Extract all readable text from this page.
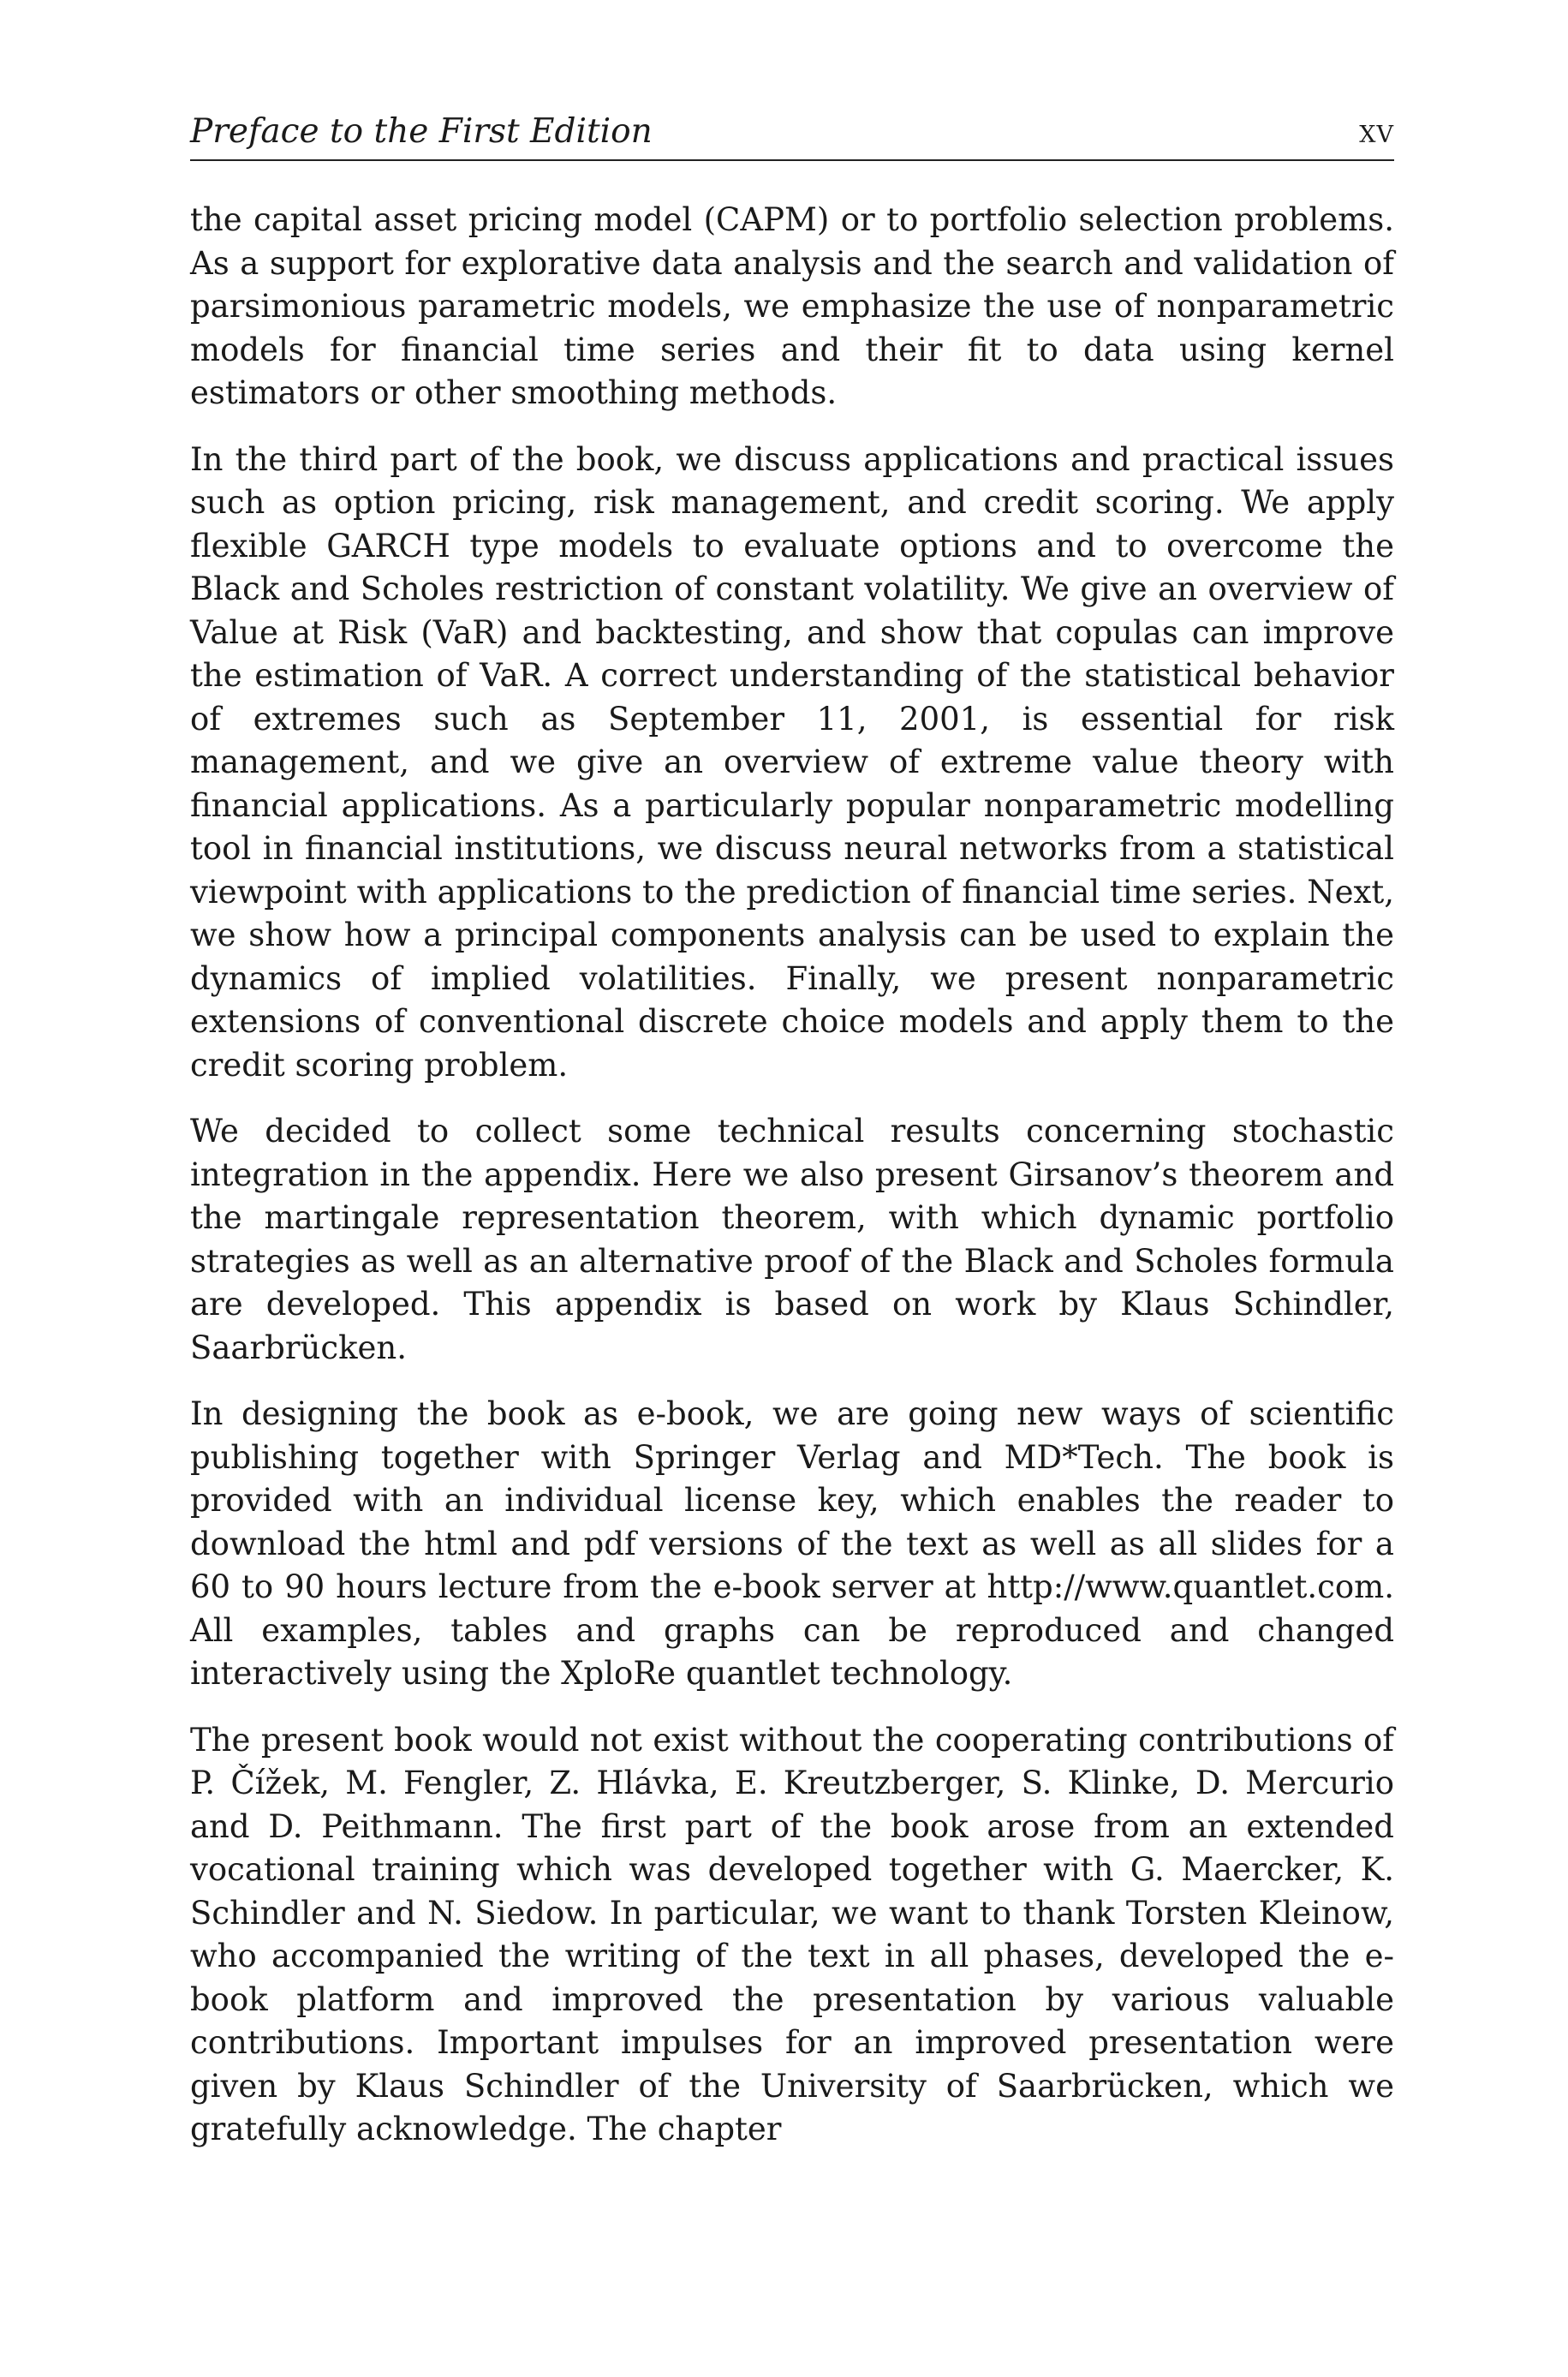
Preface to the First Edition	xv

the capital asset pricing model (CAPM) or to portfolio selection problems. As a support for explorative data analysis and the search and validation of parsimonious parametric models, we emphasize the use of nonparametric models for financial time series and their fit to data using kernel estimators or other smoothing methods.

In the third part of the book, we discuss applications and practical issues such as option pricing, risk management, and credit scoring. We apply flexible GARCH type models to evaluate options and to overcome the Black and Scholes restriction of constant volatility. We give an overview of Value at Risk (VaR) and backtesting, and show that copulas can improve the estimation of VaR. A correct understanding of the statistical behavior of extremes such as September 11, 2001, is essential for risk management, and we give an overview of extreme value theory with financial applications. As a particularly popular nonparametric modelling tool in financial institutions, we discuss neural networks from a statistical viewpoint with applications to the prediction of financial time series. Next, we show how a principal components analysis can be used to explain the dynamics of implied volatilities. Finally, we present nonparametric extensions of conventional discrete choice models and apply them to the credit scoring problem.

We decided to collect some technical results concerning stochastic integration in the appendix. Here we also present Girsanov’s theorem and the martingale representation theorem, with which dynamic portfolio strategies as well as an alternative proof of the Black and Scholes formula are developed. This appendix is based on work by Klaus Schindler, Saarbrücken.

In designing the book as e-book, we are going new ways of scientific publishing together with Springer Verlag and MD*Tech. The book is provided with an individual license key, which enables the reader to download the html and pdf versions of the text as well as all slides for a 60 to 90 hours lecture from the e-book server at http://www.quantlet.com. All examples, tables and graphs can be reproduced and changed interactively using the XploRe quantlet technology.

The present book would not exist without the cooperating contributions of P. Čížek, M. Fengler, Z. Hlávka, E. Kreutzberger, S. Klinke, D. Mercurio and D. Peithmann. The first part of the book arose from an extended vocational training which was developed together with G. Maercker, K. Schindler and N. Siedow. In particular, we want to thank Torsten Kleinow, who accompanied the writing of the text in all phases, developed the e-book platform and improved the presentation by various valuable contributions. Important impulses for an improved presentation were given by Klaus Schindler of the University of Saarbrücken, which we gratefully acknowledge. The chapter
